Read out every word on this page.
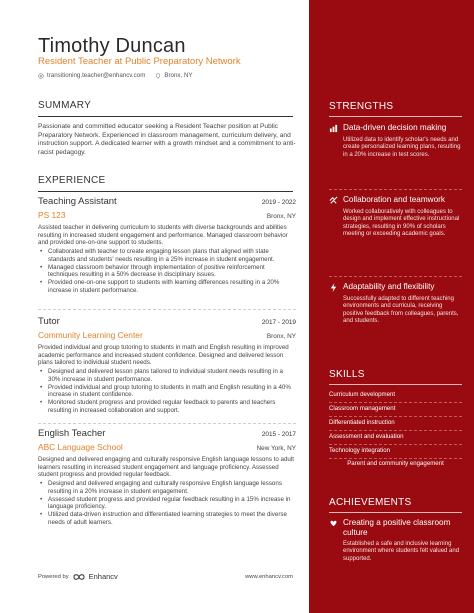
Timothy Duncan
Resident Teacher at Public Preparatory Network
transitioning.teacher@enhancv.com	Bronx, NY
SUMMARY
Passionate and committed educator seeking a Resident Teacher position at Public Preparatory Network. Experienced in classroom management, curriculum delivery, and instruction support. A dedicated learner with a growth mindset and a commitment to anti-racist pedagogy.
EXPERIENCE
Teaching Assistant	2019 - 2022
PS 123	Bronx, NY
Assisted teacher in delivering curriculum to students with diverse backgrounds and abilities resulting in increased student engagement and performance. Managed classroom behavior and provided one-on-one support to students.
• Collaborated with teacher to create engaging lesson plans that aligned with state standards and students' needs resulting in a 25% increase in student engagement.
• Managed classroom behavior through implementation of positive reinforcement techniques resulting in a 50% decrease in disciplinary issues.
• Provided one-on-one support to students with learning differences resulting in a 20% increase in student performance.
Tutor	2017 - 2019
Community Learning Center	Bronx, NY
Provided individual and group tutoring to students in math and English resulting in improved academic performance and increased student confidence. Designed and delivered lesson plans tailored to individual student needs.
• Designed and delivered lesson plans tailored to individual student needs resulting in a 30% increase in student performance.
• Provided individual and group tutoring to students in math and English resulting in a 40% increase in student confidence.
• Monitored student progress and provided regular feedback to parents and teachers resulting in increased collaboration and support.
English Teacher	2015 - 2017
ABC Language School	New York, NY
Designed and delivered engaging and culturally responsive English language lessons to adult learners resulting in increased student engagement and language proficiency. Assessed student progress and provided regular feedback.
• Designed and delivered engaging and culturally responsive English language lessons resulting in a 20% increase in student engagement.
• Assessed student progress and provided regular feedback resulting in a 15% increase in language proficiency.
• Utilized data-driven instruction and differentiated learning strategies to meet the diverse needs of adult learners.
Powered by	Enhancv	www.enhancv.com
STRENGTHS
Data-driven decision making
Utilized data to identify scholar's needs and create personalized learning plans, resulting in a 20% increase in test scores.
Collaboration and teamwork
Worked collaboratively with colleagues to design and implement effective instructional strategies, resulting in 90% of scholars meeting or exceeding academic goals.
Adaptability and flexibility
Successfully adapted to different teaching environments and curricula, receiving positive feedback from colleagues, parents, and students.
SKILLS
Curriculum development
Classroom management
Differentiated instruction
Assessment and evaluation
Technology integration
Parent and community engagement
ACHIEVEMENTS
Creating a positive classroom culture
Established a safe and inclusive learning environment where students felt valued and supported.
